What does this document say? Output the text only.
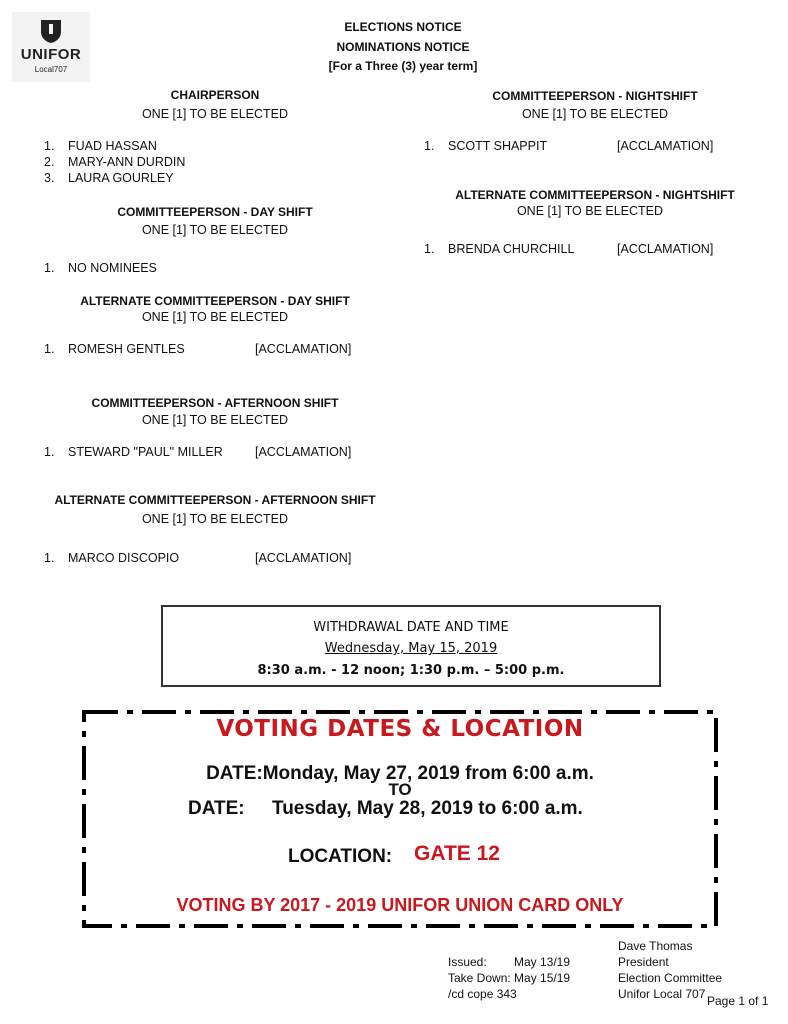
UNIFOR
Local707
ELECTIONS NOTICE
NOMINATIONS NOTICE
[For a Three (3) year term]
CHAIRPERSON
ONE [1] TO BE ELECTED
1. FUAD HASSAN
2. MARY-ANN DURDIN
3. LAURA GOURLEY
COMMITTEEPERSON - DAY SHIFT
ONE [1] TO BE ELECTED
1. NO NOMINEES
ALTERNATE COMMITTEEPERSON - DAY SHIFT
ONE [1] TO BE ELECTED
1. ROMESH GENTLES	[ACCLAMATION]
COMMITTEEPERSON - AFTERNOON SHIFT
ONE [1] TO BE ELECTED
1. STEWARD "PAUL" MILLER	[ACCLAMATION]
ALTERNATE COMMITTEEPERSON - AFTERNOON SHIFT
ONE [1] TO BE ELECTED
1. MARCO DISCOPIO	[ACCLAMATION]
COMMITTEEPERSON - NIGHTSHIFT
ONE [1] TO BE ELECTED
1. SCOTT SHAPPIT	[ACCLAMATION]
ALTERNATE COMMITTEEPERSON - NIGHTSHIFT
ONE [1] TO BE ELECTED
1. BRENDA CHURCHILL	[ACCLAMATION]
WITHDRAWAL DATE AND TIME
Wednesday, May 15, 2019
8:30 a.m. - 12 noon; 1:30 p.m. – 5:00 p.m.
VOTING DATES & LOCATION
DATE:Monday, May 27, 2019 from 6:00 a.m.
TO
DATE: Tuesday, May 28, 2019 to 6:00 a.m.
LOCATION: GATE 12
VOTING BY 2017 - 2019 UNIFOR UNION CARD ONLY
Issued: May 13/19
Take Down: May 15/19
/cd cope 343
Dave Thomas
President
Election Committee
Unifor Local 707 Page 1 of 1
